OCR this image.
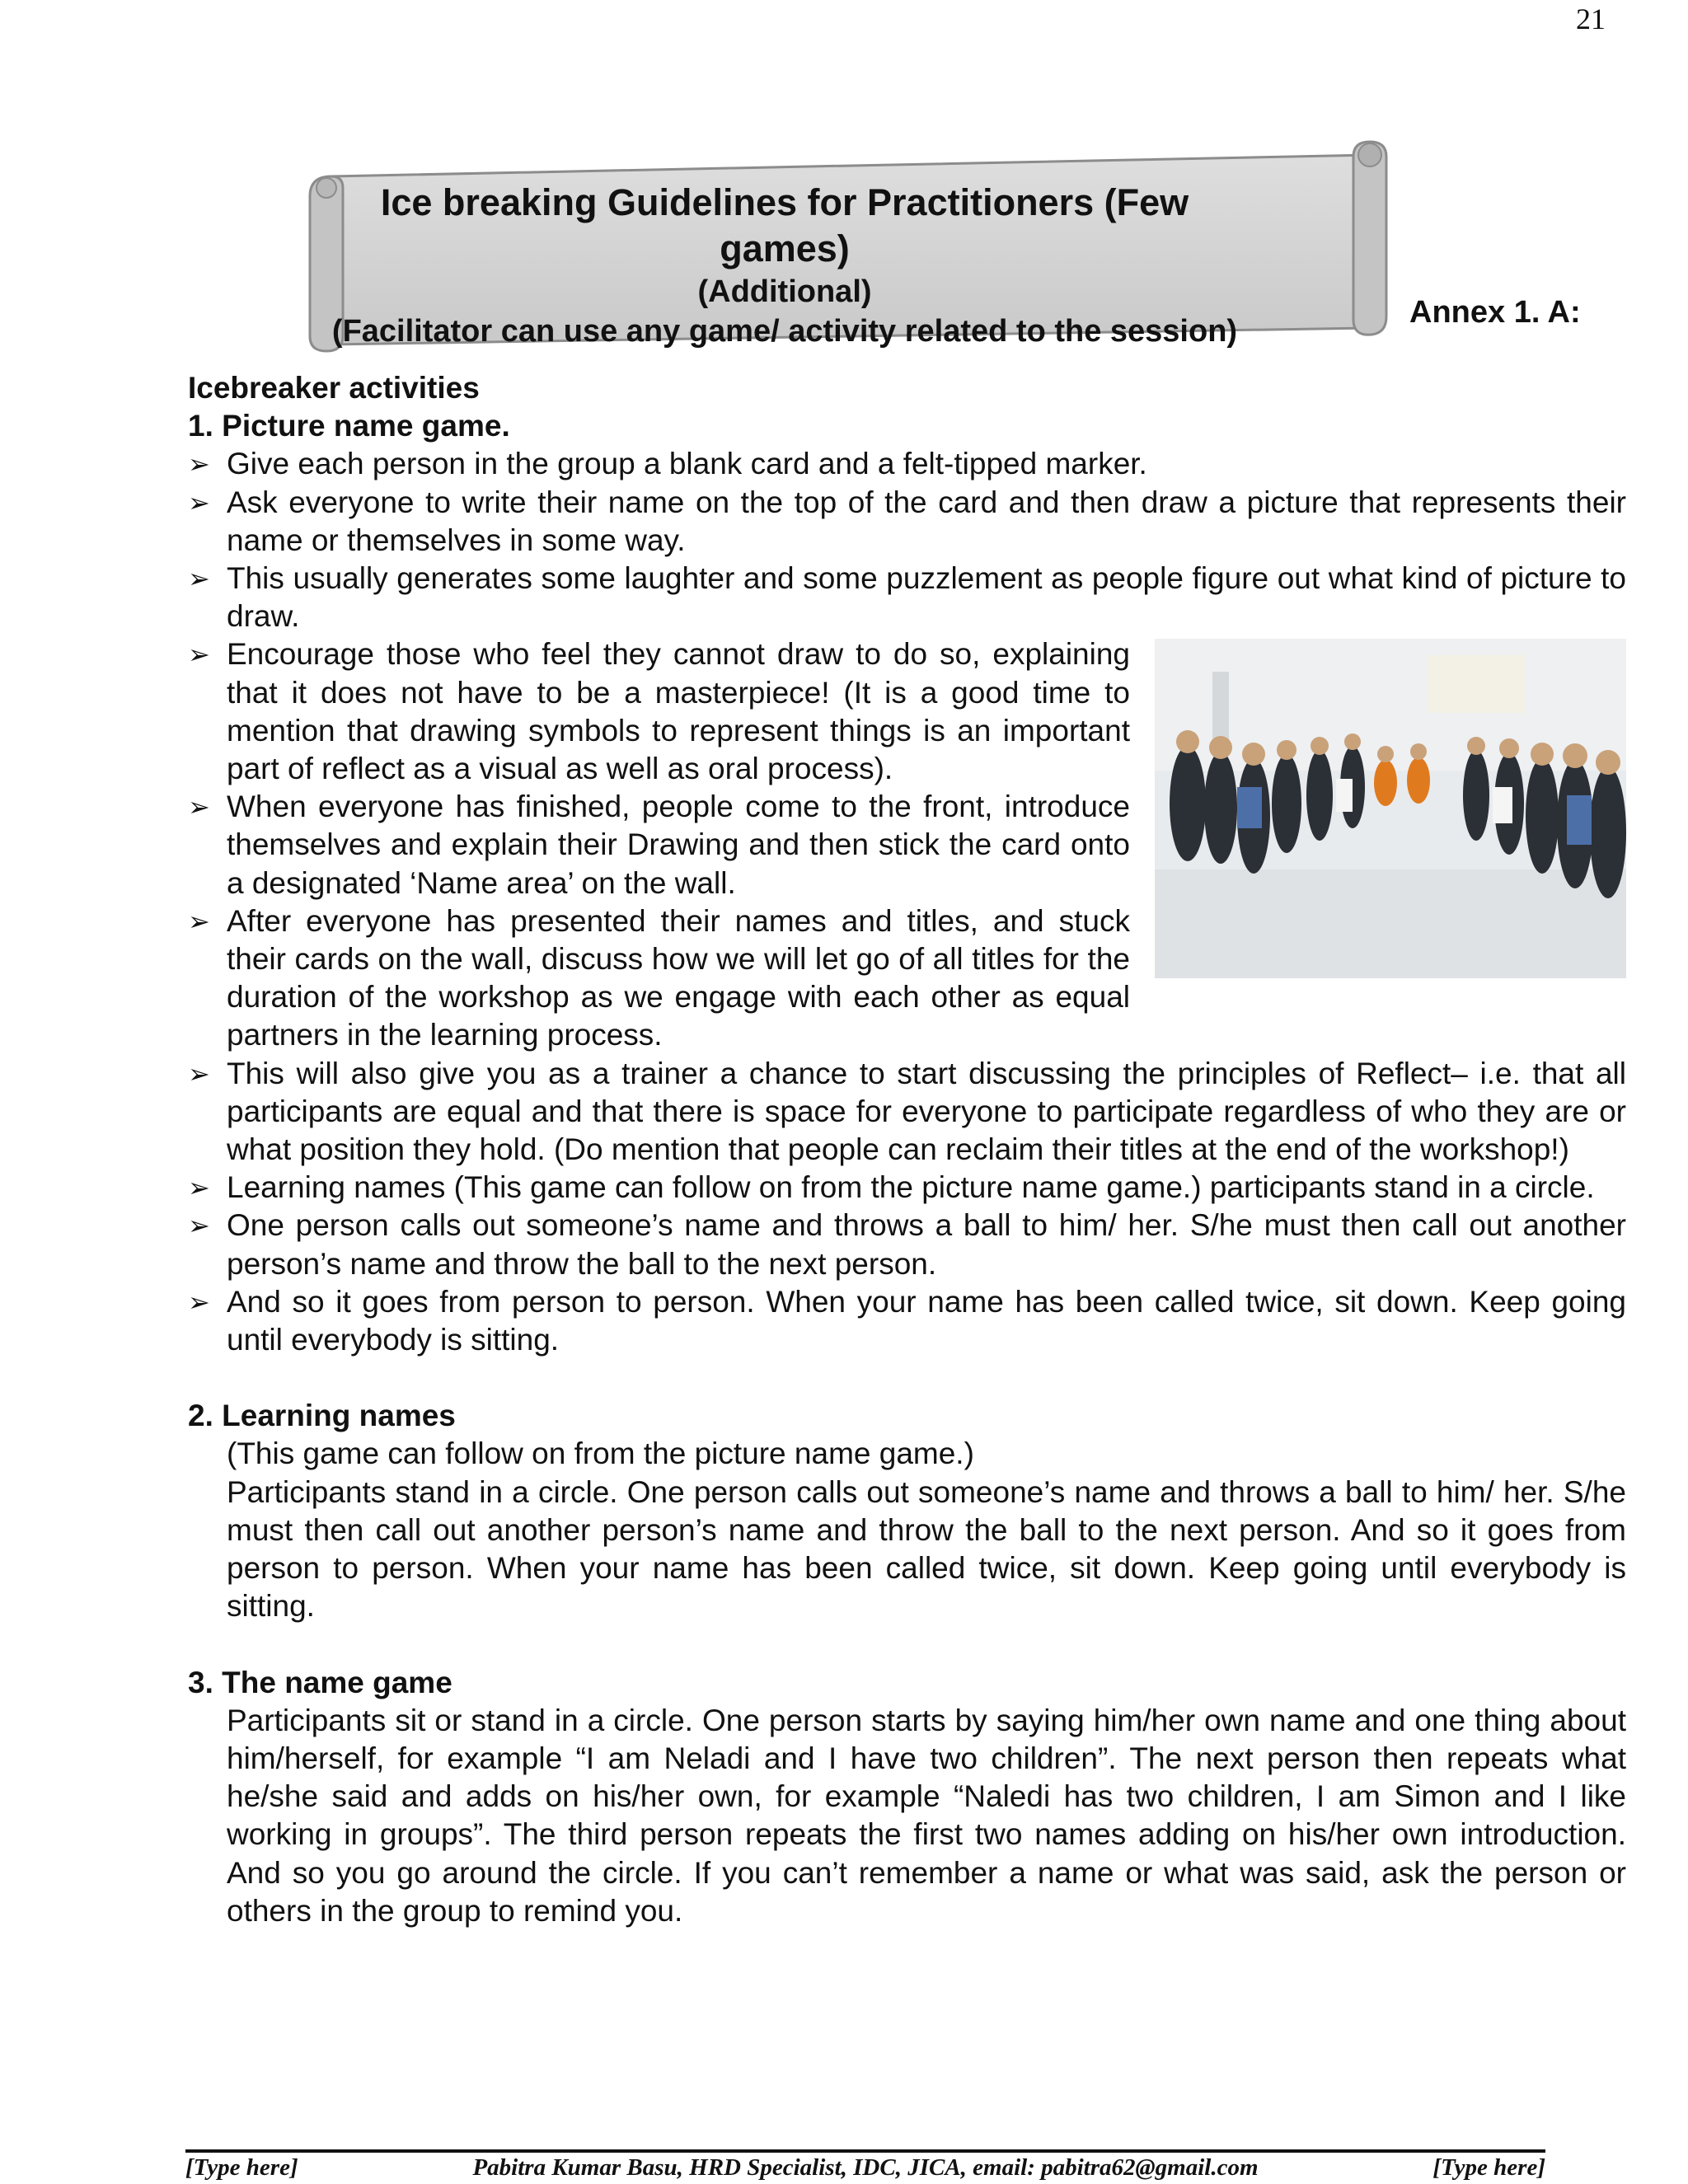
21
Ice breaking Guidelines for Practitioners (Few games)
(Additional)
(Facilitator can use any game/ activity related to the session)
Annex 1. A:
Icebreaker activities
1. Picture name game.
➢ Give each person in the group a blank card and a felt-tipped marker.
➢ Ask everyone to write their name on the top of the card and then draw a picture that represents their name or themselves in some way.
➢ This usually generates some laughter and some puzzlement as people figure out what kind of picture to draw.
➢ Encourage those who feel they cannot draw to do so, explaining that it does not have to be a masterpiece! (It is a good time to mention that drawing symbols to represent things is an important part of reflect as a visual as well as oral process).
➢ When everyone has finished, people come to the front, introduce themselves and explain their Drawing and then stick the card onto a designated ‘Name area’ on the wall.
➢ After everyone has presented their names and titles, and stuck their cards on the wall, discuss how we will let go of all titles for the duration of the workshop as we engage with each other as equal partners in the learning process.
➢ This will also give you as a trainer a chance to start discussing the principles of Reflect– i.e. that all participants are equal and that there is space for everyone to participate regardless of who they are or what position they hold. (Do mention that people can reclaim their titles at the end of the workshop!)
➢ Learning names (This game can follow on from the picture name game.) participants stand in a circle.
➢ One person calls out someone’s name and throws a ball to him/ her. S/he must then call out another person’s name and throw the ball to the next person.
➢ And so it goes from person to person. When your name has been called twice, sit down. Keep going until everybody is sitting.
2. Learning names
(This game can follow on from the picture name game.)
Participants stand in a circle. One person calls out someone’s name and throws a ball to him/ her. S/he must then call out another person’s name and throw the ball to the next person. And so it goes from person to person. When your name has been called twice, sit down. Keep going until everybody is sitting.
3. The name game
Participants sit or stand in a circle. One person starts by saying him/her own name and one thing about him/herself, for example “I am Neladi and I have two children”. The next person then repeats what he/she said and adds on his/her own, for example “Naledi has two children, I am Simon and I like working in groups”. The third person repeats the first two names adding on his/her own introduction. And so you go around the circle. If you can’t remember a name or what was said, ask the person or others in the group to remind you.
[Type here]	Pabitra Kumar Basu, HRD Specialist, IDC, JICA, email: pabitra62@gmail.com	[Type here]
